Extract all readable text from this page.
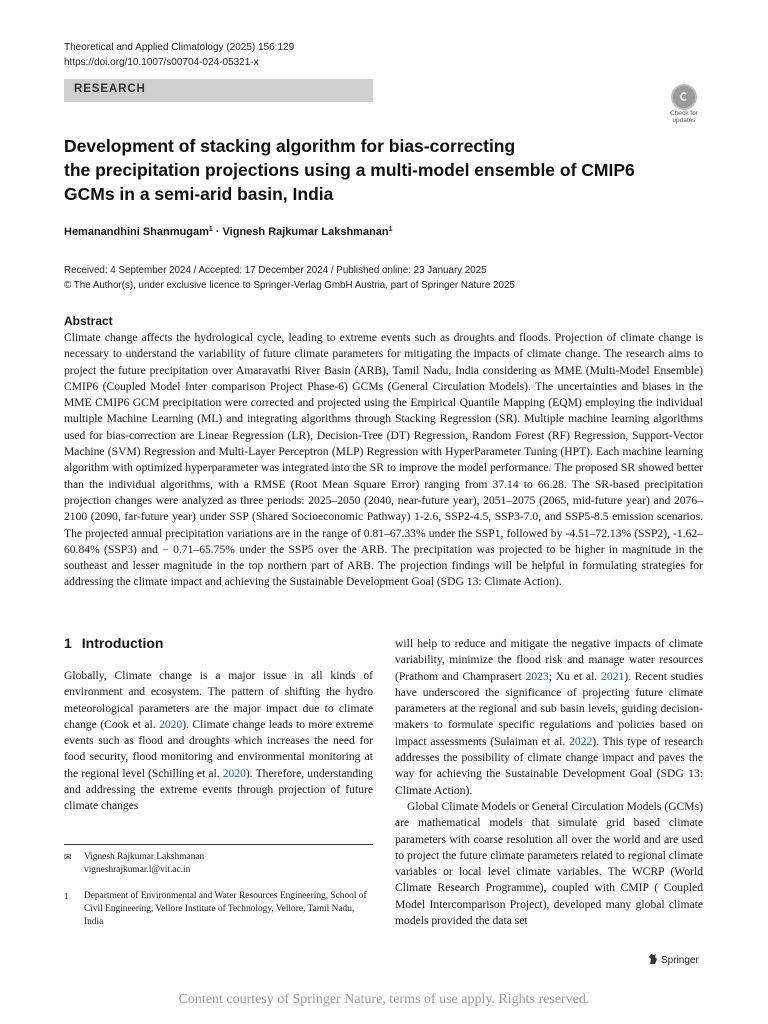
Theoretical and Applied Climatology (2025) 156:129
https://doi.org/10.1007/s00704-024-05321-x
RESEARCH
Check for
updates
Development of stacking algorithm for bias-correcting
the precipitation projections using a multi-model ensemble of CMIP6
GCMs in a semi-arid basin, India
Hemanandhini Shanmugam$^1$ · Vignesh Rajkumar Lakshmanan$^1$
Received: 4 September 2024 / Accepted: 17 December 2024 / Published online: 23 January 2025
© The Author(s), under exclusive licence to Springer-Verlag GmbH Austria, part of Springer Nature 2025
Abstract
Climate change affects the hydrological cycle, leading to extreme events such as droughts and floods. Projection of climate change is necessary to understand the variability of future climate parameters for mitigating the impacts of climate change. The research aims to project the future precipitation over Amaravathi River Basin (ARB), Tamil Nadu, India considering as MME (Multi-Model Ensemble) CMIP6 (Coupled Model Inter comparison Project Phase-6) GCMs (General Circulation Models). The uncertainties and biases in the MME CMIP6 GCM precipitation were corrected and projected using the Empirical Quantile Mapping (EQM) employing the individual multiple Machine Learning (ML) and integrating algorithms through Stacking Regression (SR). Multiple machine learning algorithms used for bias-correction are Linear Regression (LR), Decision-Tree (DT) Regression, Random Forest (RF) Regression, Support-Vector Machine (SVM) Regression and Multi-Layer Perceptron (MLP) Regression with HyperParameter Tuning (HPT). Each machine learning algorithm with optimized hyperparameter was integrated into the SR to improve the model performance. The proposed SR showed better than the individual algorithms, with a RMSE (Root Mean Square Error) ranging from 37.14 to 66.28. The SR-based precipitation projection changes were analyzed as three periods: 2025–2050 (2040, near-future year), 2051–2075 (2065, mid-future year) and 2076–2100 (2090, far-future year) under SSP (Shared Socioeconomic Pathway) 1-2.6, SSP2-4.5, SSP3-7.0, and SSP5-8.5 emission scenarios. The projected annual precipitation variations are in the range of 0.81–67.33% under the SSP1, followed by -4.51–72.13% (SSP2), -1.62–60.84% (SSP3) and − 0.71–65.75% under the SSP5 over the ARB. The precipitation was projected to be higher in magnitude in the southeast and lesser magnitude in the top northern part of ARB. The projection findings will be helpful in formulating strategies for addressing the climate impact and achieving the Sustainable Development Goal (SDG 13: Climate Action).
1 Introduction

Globally, Climate change is a major issue in all kinds of environment and ecosystem. The pattern of shifting the hydro meteorological parameters are the major impact due to climate change (Cook et al. 2020). Climate change leads to more extreme events such as flood and droughts which increases the need for food security, flood monitoring and environmental monitoring at the regional level (Schilling et al. 2020). Therefore, understanding and addressing the extreme events through projection of future climate changes

will help to reduce and mitigate the negative impacts of climate variability, minimize the flood risk and manage water resources (Prathom and Champrasert 2023; Xu et al. 2021). Recent studies have underscored the significance of projecting future climate parameters at the regional and sub basin levels, guiding decision-makers to formulate specific regulations and policies based on impact assessments (Sulaiman et al. 2022). This type of research addresses the possibility of climate change impact and paves the way for achieving the Sustainable Development Goal (SDG 13: Climate Action).

Global Climate Models or General Circulation Models (GCMs) are mathematical models that simulate grid based climate parameters with coarse resolution all over the world and are used to project the future climate parameters related to regional climate variables or local level climate variables. The WCRP (World Climate Research Programme), coupled with CMIP ( Coupled Model Intercomparison Project), developed many global climate models provided the data set

✉ Vignesh Rajkumar Lakshmanan
vigneshrajkumar.l@vit.ac.in
1 Department of Environmental and Water Resources Engineering, School of Civil Engineering, Vellore Institute of Technology, Vellore, Tamil Nadu, India
Springer
Content courtesy of Springer Nature, terms of use apply. Rights reserved.
